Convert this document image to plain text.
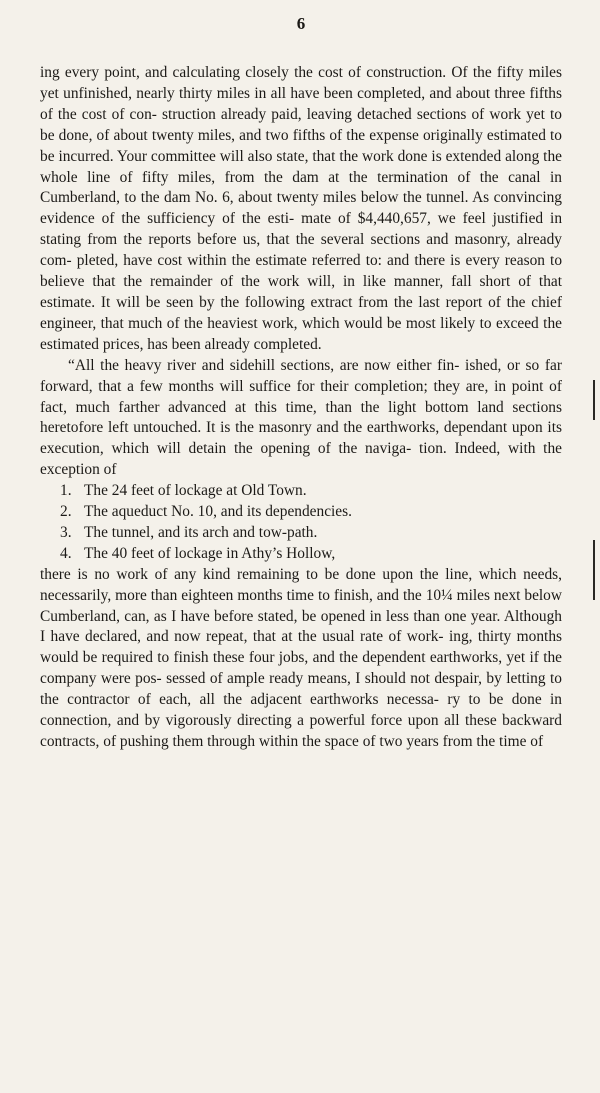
6

ing every point, and calculating closely the cost of construction. Of the fifty miles yet unfinished, nearly thirty miles in all have been completed, and about three fifths of the cost of con- struction already paid, leaving detached sections of work yet to be done, of about twenty miles, and two fifths of the expense originally estimated to be incurred. Your committee will also state, that the work done is extended along the whole line of fifty miles, from the dam at the termination of the canal in Cumberland, to the dam No. 6, about twenty miles below the tunnel. As convincing evidence of the sufficiency of the esti- mate of $4,440,657, we feel justified in stating from the reports before us, that the several sections and masonry, already com- pleted, have cost within the estimate referred to: and there is every reason to believe that the remainder of the work will, in like manner, fall short of that estimate. It will be seen by the following extract from the last report of the chief engineer, that much of the heaviest work, which would be most likely to exceed the estimated prices, has been already completed.

“All the heavy river and sidehill sections, are now either fin- ished, or so far forward, that a few months will suffice for their completion; they are, in point of fact, much farther advanced at this time, than the light bottom land sections heretofore left untouched. It is the masonry and the earthworks, dependant upon its execution, which will detain the opening of the naviga- tion. Indeed, with the exception of

1. The 24 feet of lockage at Old Town.
2. The aqueduct No. 10, and its dependencies.
3. The tunnel, and its arch and tow-path.
4. The 40 feet of lockage in Athy’s Hollow,

there is no work of any kind remaining to be done upon the line, which needs, necessarily, more than eighteen months time to finish, and the 10¼ miles next below Cumberland, can, as I have before stated, be opened in less than one year. Although I have declared, and now repeat, that at the usual rate of work- ing, thirty months would be required to finish these four jobs, and the dependent earthworks, yet if the company were pos- sessed of ample ready means, I should not despair, by letting to the contractor of each, all the adjacent earthworks necessa- ry to be done in connection, and by vigorously directing a powerful force upon all these backward contracts, of pushing them through within the space of two years from the time of
